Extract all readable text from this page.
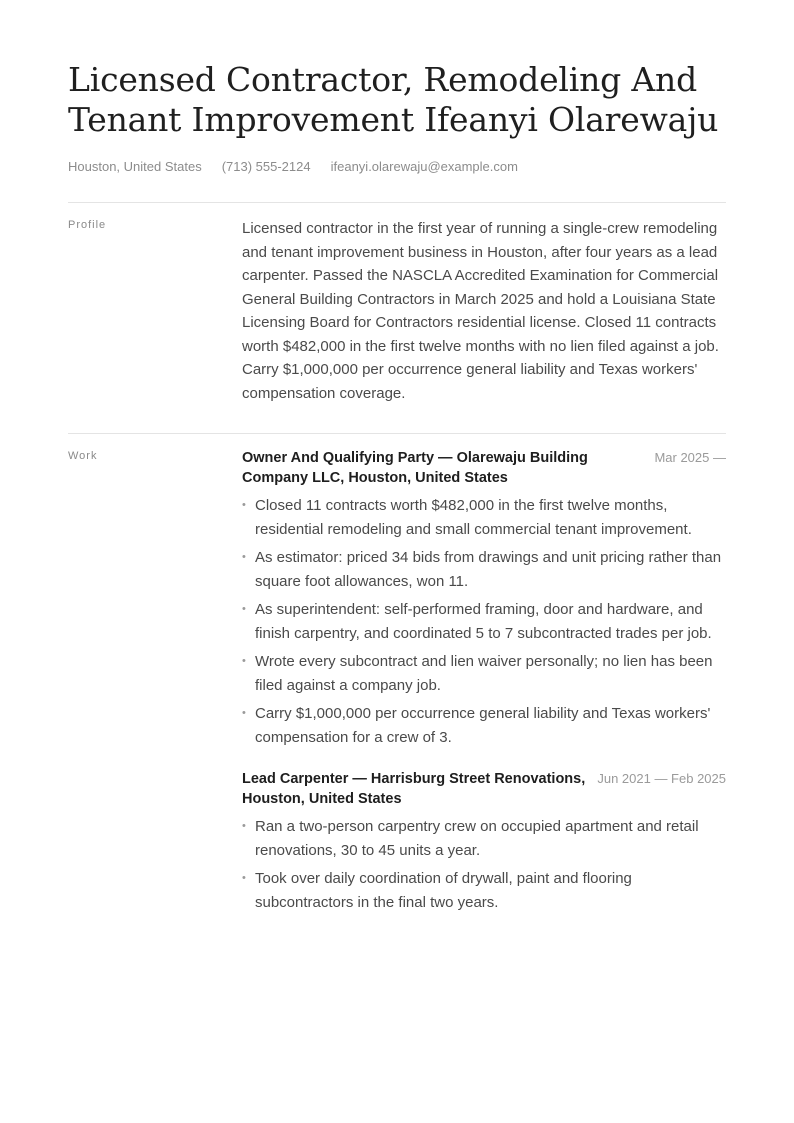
Licensed Contractor, Remodeling And Tenant Improvement Ifeanyi Olarewaju
Houston, United States (713) 555-2124 ifeanyi.olarewaju@example.com
Profile	Licensed contractor in the first year of running a single-crew remodeling and tenant improvement business in Houston, after four years as a lead carpenter. Passed the NASCLA Accredited Examination for Commercial General Building Contractors in March 2025 and hold a Louisiana State Licensing Board for Contractors residential license. Closed 11 contracts worth $482,000 in the first twelve months with no lien filed against a job. Carry $1,000,000 per occurrence general liability and Texas workers' compensation coverage.

Work	Owner And Qualifying Party — Olarewaju Building Company LLC, Houston, United States
Mar 2025 —
• Closed 11 contracts worth $482,000 in the first twelve months, residential remodeling and small commercial tenant improvement.
• As estimator: priced 34 bids from drawings and unit pricing rather than square foot allowances, won 11.
• As superintendent: self-performed framing, door and hardware, and finish carpentry, and coordinated 5 to 7 subcontracted trades per job.
• Wrote every subcontract and lien waiver personally; no lien has been filed against a company job.
• Carry $1,000,000 per occurrence general liability and Texas workers' compensation for a crew of 3.
Lead Carpenter — Harrisburg Street Renovations, Houston, United States
Jun 2021 — Feb 2025
• Ran a two-person carpentry crew on occupied apartment and retail renovations, 30 to 45 units a year.
• Took over daily coordination of drywall, paint and flooring subcontractors in the final two years.
